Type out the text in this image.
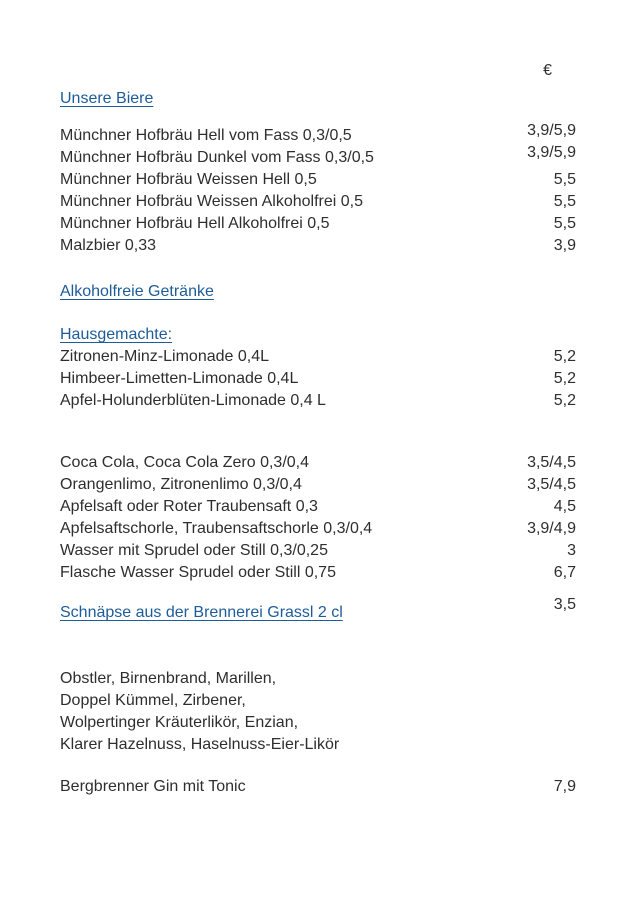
€
Unsere Biere
Münchner Hofbräu Hell vom Fass 0,3/0,5	3,9/5,9
Münchner Hofbräu Dunkel vom Fass 0,3/0,5	3,9/5,9
Münchner Hofbräu Weissen Hell 0,5	5,5
Münchner Hofbräu Weissen Alkoholfrei 0,5	5,5
Münchner Hofbräu Hell Alkoholfrei 0,5	5,5
Malzbier 0,33	3,9
Alkoholfreie Getränke
Hausgemachte:
Zitronen-Minz-Limonade 0,4L	5,2
Himbeer-Limetten-Limonade 0,4L	5,2
Apfel-Holunderblüten-Limonade 0,4 L	5,2
Coca Cola, Coca Cola Zero 0,3/0,4	3,5/4,5
Orangenlimo, Zitronenlimo 0,3/0,4	3,5/4,5
Apfelsaft oder Roter Traubensaft 0,3	4,5
Apfelsaftschorle, Traubensaftschorle 0,3/0,4	3,9/4,9
Wasser mit Sprudel oder Still 0,3/0,25	3
Flasche Wasser Sprudel oder Still 0,75	6,7
Schnäpse aus der Brennerei Grassl 2 cl	3,5
Obstler, Birnenbrand, Marillen,
Doppel Kümmel, Zirbener,
Wolpertinger Kräuterlikör, Enzian,
Klarer Hazelnuss, Haselnuss-Eier-Likör
Bergbrenner Gin mit Tonic	7,9
